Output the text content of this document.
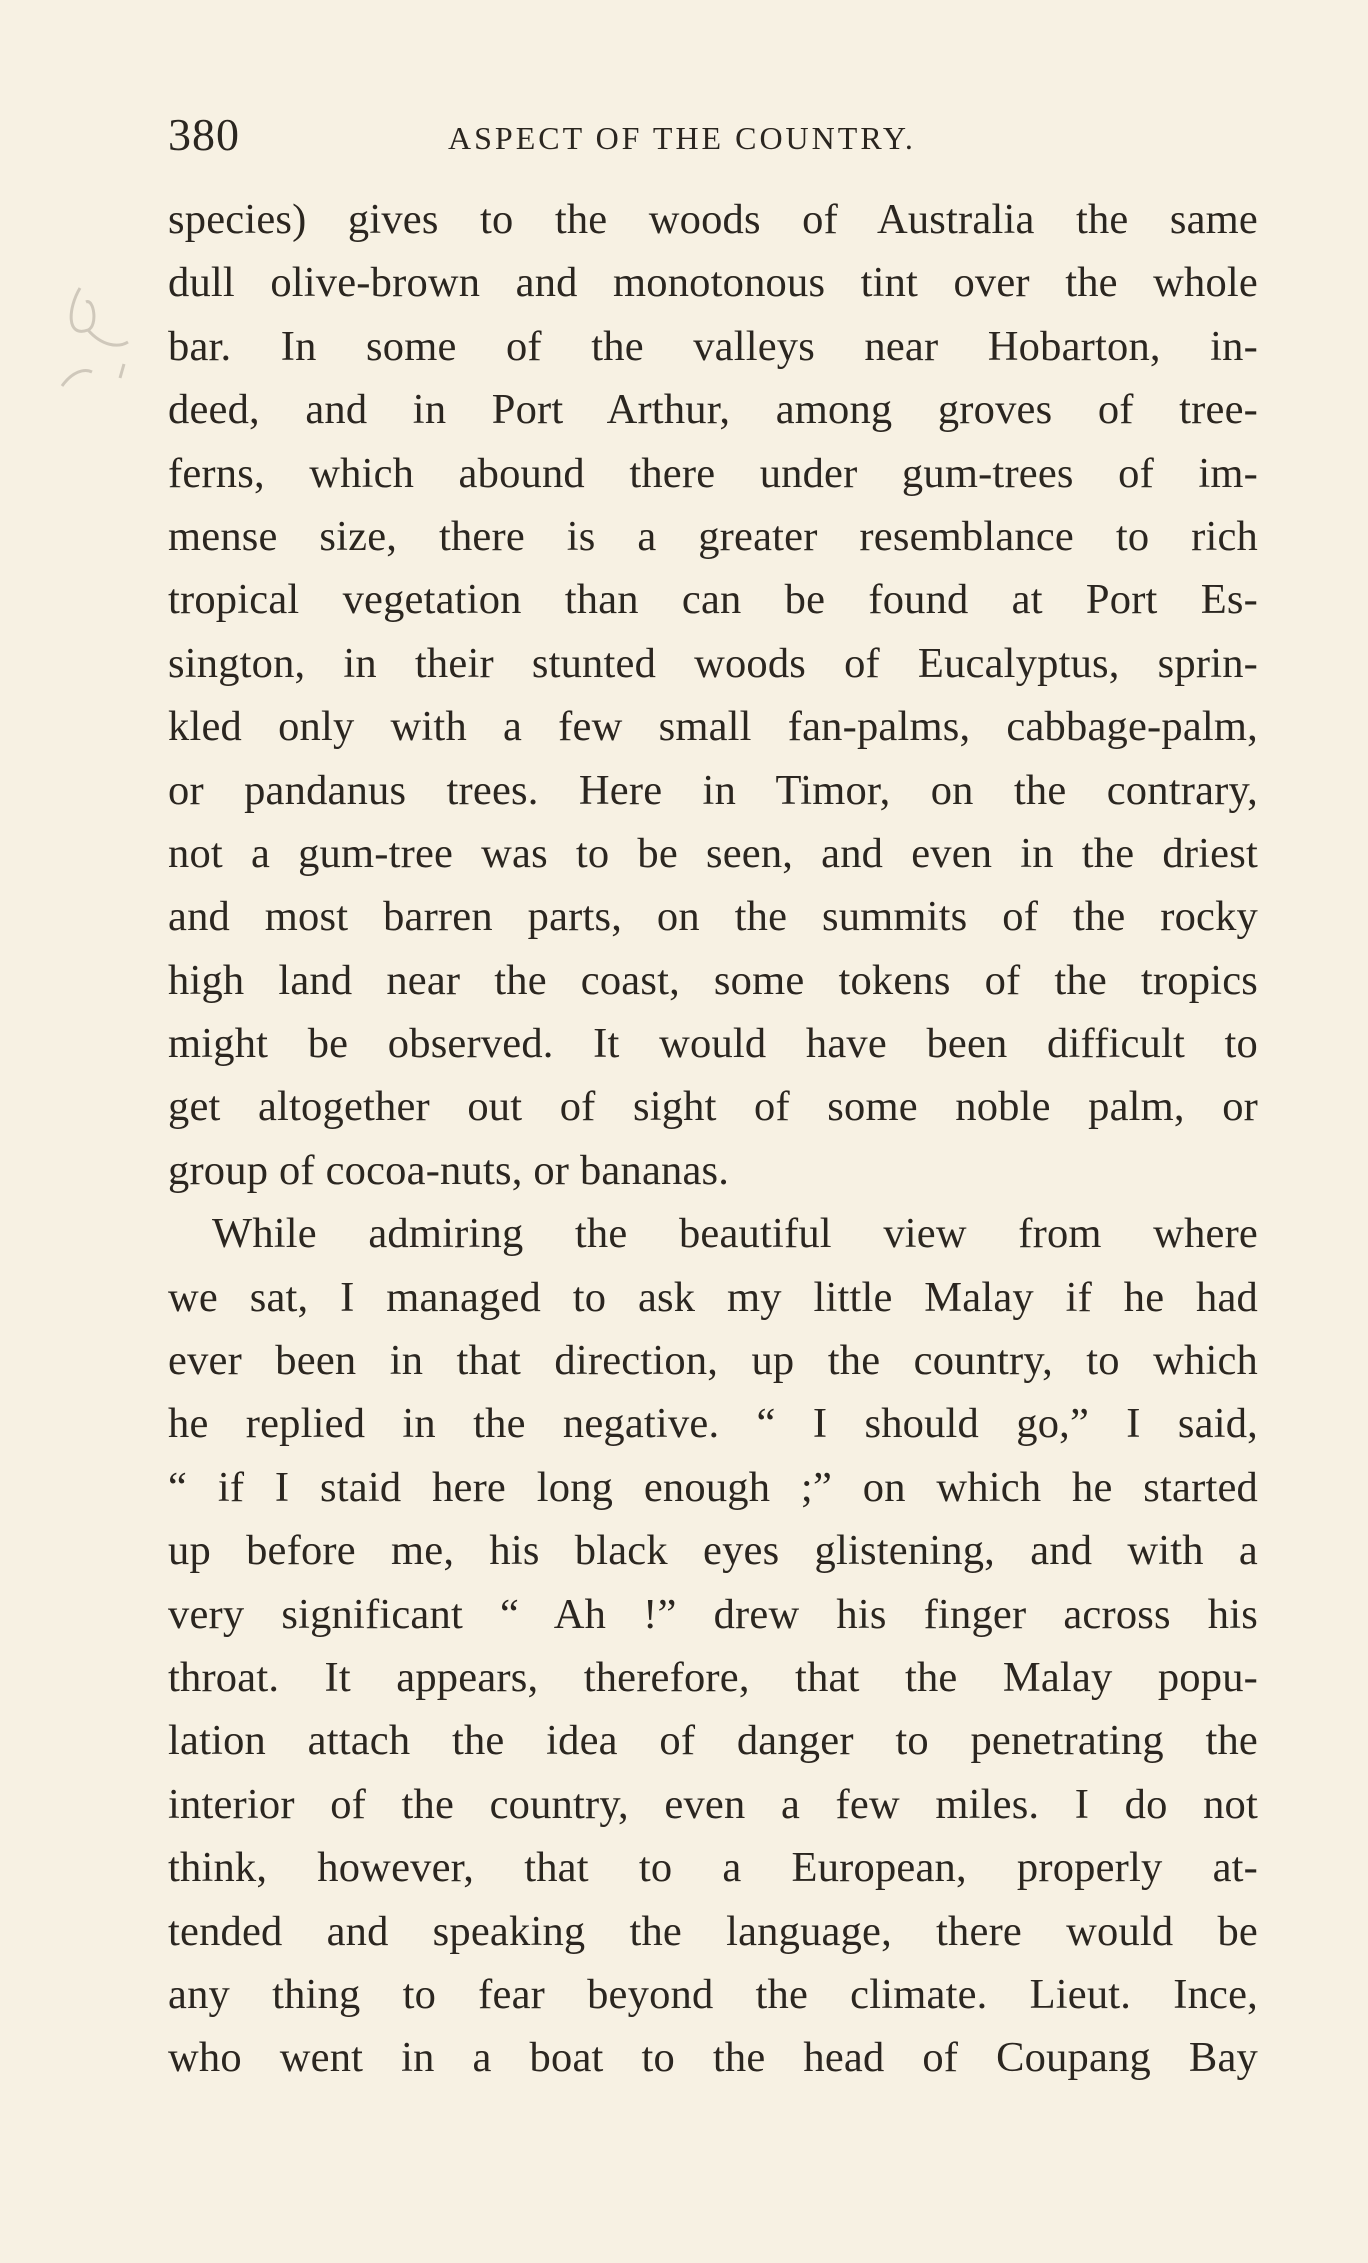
380	ASPECT OF THE COUNTRY.
species) gives to the woods of Australia the same
dull olive-brown and monotonous tint over the whole
bar. In some of the valleys near Hobarton, in-
deed, and in Port Arthur, among groves of tree-
ferns, which abound there under gum-trees of im-
mense size, there is a greater resemblance to rich
tropical vegetation than can be found at Port Es-
sington, in their stunted woods of Eucalyptus, sprin-
kled only with a few small fan-palms, cabbage-palm,
or pandanus trees. Here in Timor, on the contrary,
not a gum-tree was to be seen, and even in the driest
and most barren parts, on the summits of the rocky
high land near the coast, some tokens of the tropics
might be observed. It would have been difficult to
get altogether out of sight of some noble palm, or
group of cocoa-nuts, or bananas.
While admiring the beautiful view from where
we sat, I managed to ask my little Malay if he had
ever been in that direction, up the country, to which
he replied in the negative. “ I should go,” I said,
“ if I staid here long enough ;” on which he started
up before me, his black eyes glistening, and with a
very significant “ Ah !” drew his finger across his
throat. It appears, therefore, that the Malay popu-
lation attach the idea of danger to penetrating the
interior of the country, even a few miles. I do not
think, however, that to a European, properly at-
tended and speaking the language, there would be
any thing to fear beyond the climate. Lieut. Ince,
who went in a boat to the head of Coupang Bay
